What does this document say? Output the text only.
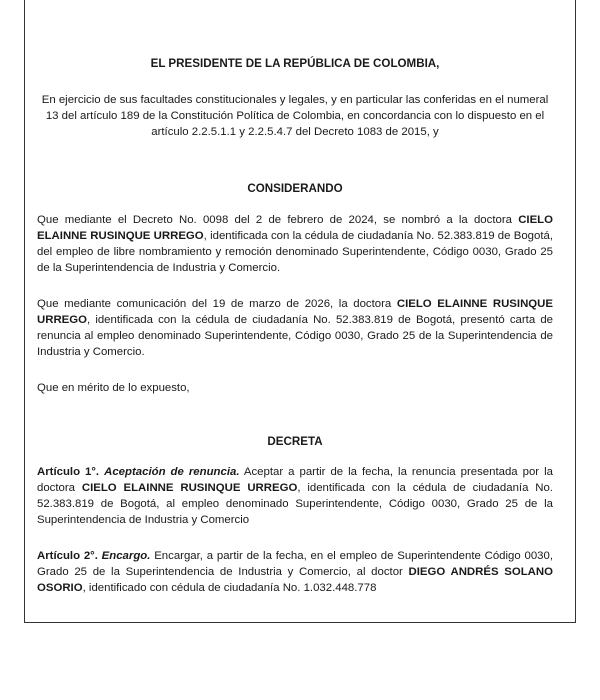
EL PRESIDENTE DE LA REPÚBLICA DE COLOMBIA,

En ejercicio de sus facultades constitucionales y legales, y en particular las conferidas en el numeral 13 del artículo 189 de la Constitución Política de Colombia, en concordancia con lo dispuesto en el artículo 2.2.5.1.1 y 2.2.5.4.7 del Decreto 1083 de 2015, y

CONSIDERANDO

Que mediante el Decreto No. 0098 del 2 de febrero de 2024, se nombró a la doctora CIELO ELAINNE RUSINQUE URREGO, identificada con la cédula de ciudadanía No. 52.383.819 de Bogotá, del empleo de libre nombramiento y remoción denominado Superintendente, Código 0030, Grado 25 de la Superintendencia de Industria y Comercio.

Que mediante comunicación del 19 de marzo de 2026, la doctora CIELO ELAINNE RUSINQUE URREGO, identificada con la cédula de ciudadanía No. 52.383.819 de Bogotá, presentó carta de renuncia al empleo denominado Superintendente, Código 0030, Grado 25 de la Superintendencia de Industria y Comercio.

Que en mérito de lo expuesto,

DECRETA

Artículo 1°. Aceptación de renuncia. Aceptar a partir de la fecha, la renuncia presentada por la doctora CIELO ELAINNE RUSINQUE URREGO, identificada con la cédula de ciudadanía No. 52.383.819 de Bogotá, al empleo denominado Superintendente, Código 0030, Grado 25 de la Superintendencia de Industria y Comercio

Artículo 2°. Encargo. Encargar, a partir de la fecha, en el empleo de Superintendente Código 0030, Grado 25 de la Superintendencia de Industria y Comercio, al doctor DIEGO ANDRÉS SOLANO OSORIO, identificado con cédula de ciudadanía No. 1.032.448.778
